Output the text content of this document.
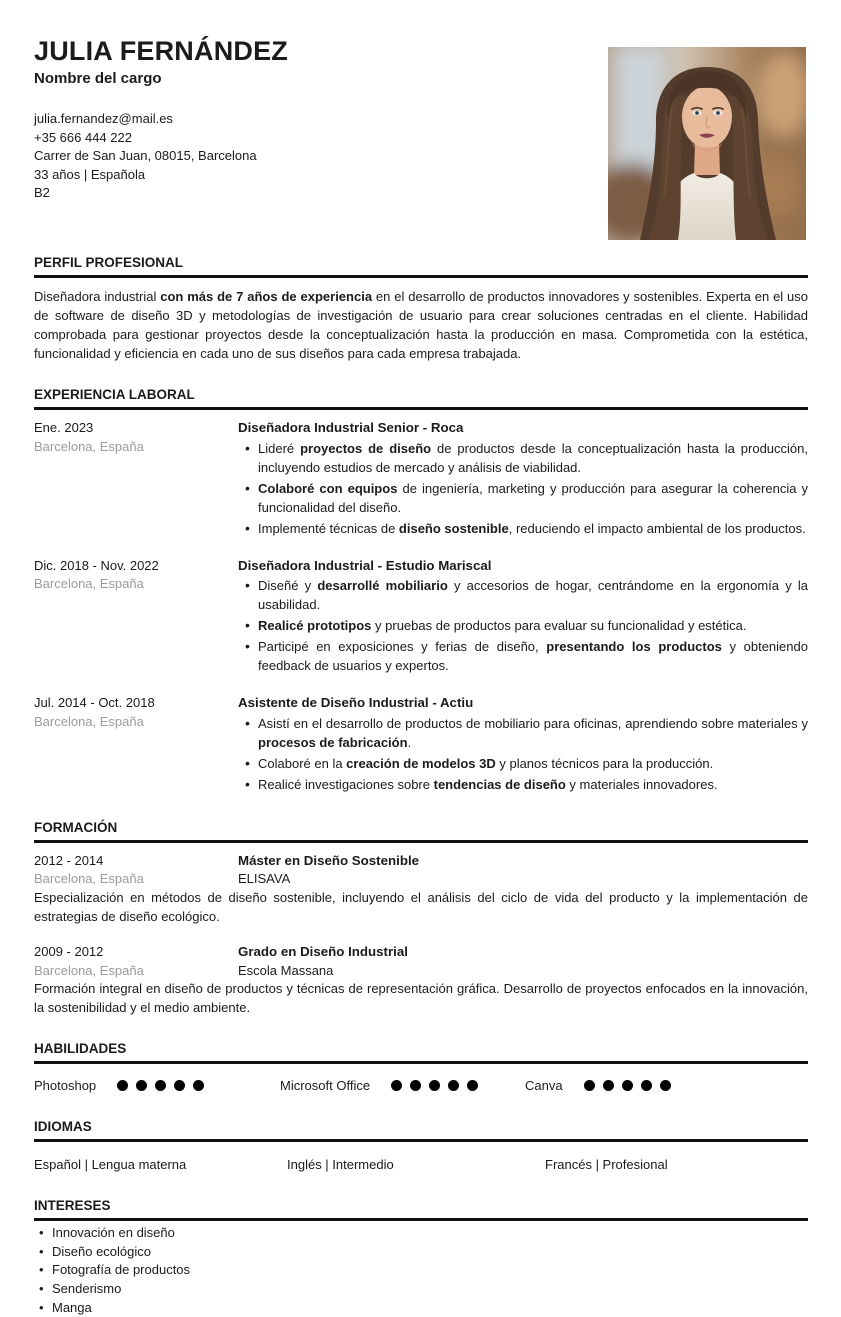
JULIA FERNÁNDEZ
Nombre del cargo
julia.fernandez@mail.es
+35 666 444 222
Carrer de San Juan, 08015, Barcelona
33 años | Española
B2
PERFIL PROFESIONAL

Diseñadora industrial con más de 7 años de experiencia en el desarrollo de productos innovadores y sostenibles. Experta en el uso de software de diseño 3D y metodologías de investigación de usuario para crear soluciones centradas en el cliente. Habilidad comprobada para gestionar proyectos desde la conceptualización hasta la producción en masa. Comprometida con la estética, funcionalidad y eficiencia en cada uno de sus diseños para cada empresa trabajada.

EXPERIENCIA LABORAL
Ene. 2023
Barcelona, España
Diseñadora Industrial Senior - Roca
• Lideré proyectos de diseño de productos desde la conceptualización hasta la producción, incluyendo estudios de mercado y análisis de viabilidad.
• Colaboré con equipos de ingeniería, marketing y producción para asegurar la coherencia y funcionalidad del diseño.
• Implementé técnicas de diseño sostenible, reduciendo el impacto ambiental de los productos.
Dic. 2018 - Nov. 2022
Barcelona, España
Diseñadora Industrial - Estudio Mariscal
• Diseñé y desarrollé mobiliario y accesorios de hogar, centrándome en la ergonomía y la usabilidad.
• Realicé prototipos y pruebas de productos para evaluar su funcionalidad y estética.
• Participé en exposiciones y ferias de diseño, presentando los productos y obteniendo feedback de usuarios y expertos.
Jul. 2014 - Oct. 2018
Barcelona, España
Asistente de Diseño Industrial - Actiu
• Asistí en el desarrollo de productos de mobiliario para oficinas, aprendiendo sobre materiales y procesos de fabricación.
• Colaboré en la creación de modelos 3D y planos técnicos para la producción.
• Realicé investigaciones sobre tendencias de diseño y materiales innovadores.
FORMACIÓN
2012 - 2014
Barcelona, España
Máster en Diseño Sostenible
ELISAVA
Especialización en métodos de diseño sostenible, incluyendo el análisis del ciclo de vida del producto y la implementación de estrategias de diseño ecológico.
2009 - 2012
Barcelona, España
Grado en Diseño Industrial
Escola Massana
Formación integral en diseño de productos y técnicas de representación gráfica. Desarrollo de proyectos enfocados en la innovación, la sostenibilidad y el medio ambiente.
HABILIDADES
Photoshop	Microsoft Office	Canva
IDIOMAS
Español | Lengua materna	Inglés | Intermedio	Francés | Profesional
INTERESES
• Innovación en diseño
• Diseño ecológico
• Fotografía de productos
• Senderismo
• Manga
